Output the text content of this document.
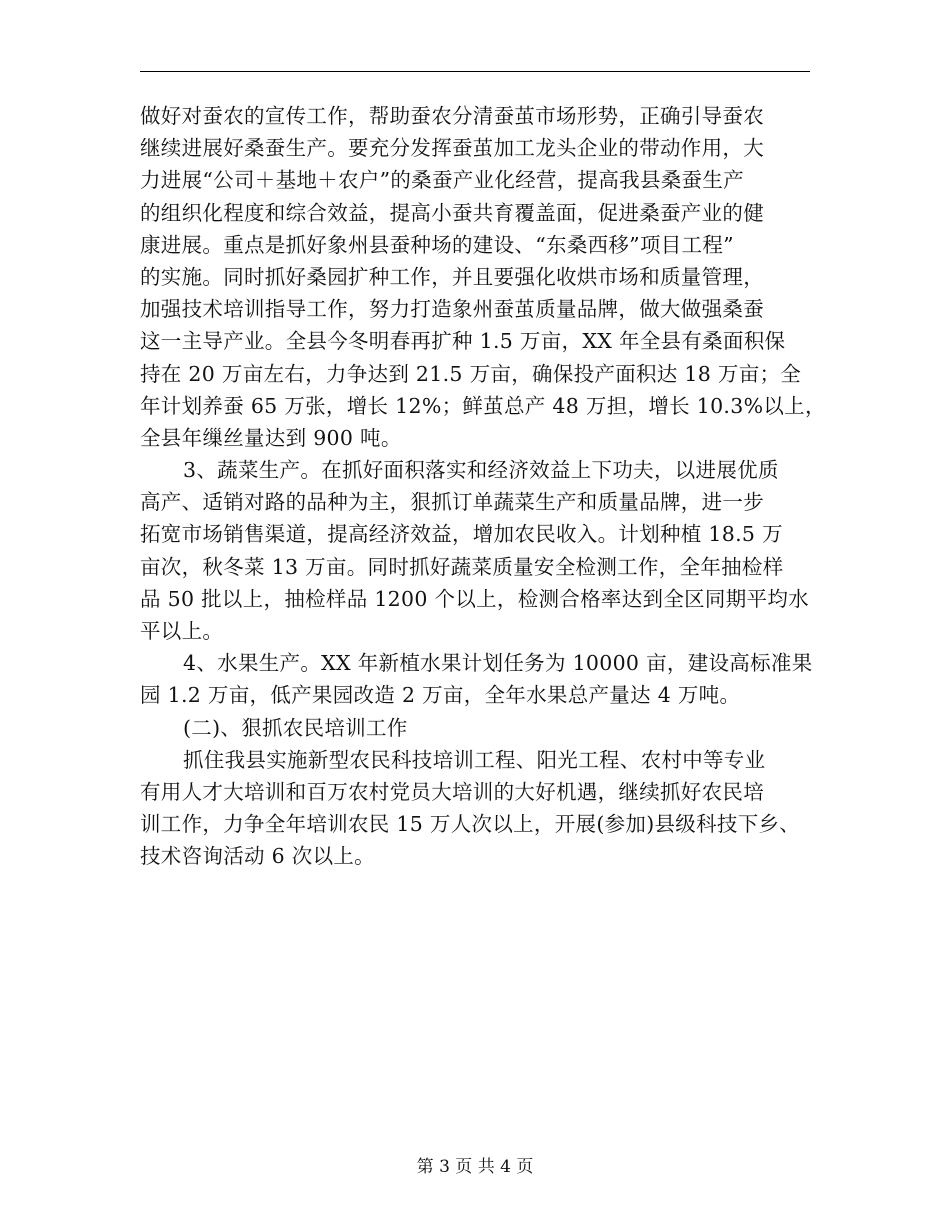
做好对蚕农的宣传工作，帮助蚕农分清蚕茧市场形势，正确引导蚕农
继续进展好桑蚕生产。要充分发挥蚕茧加工龙头企业的带动作用，大
力进展“公司＋基地＋农户”的桑蚕产业化经营，提高我县桑蚕生产
的组织化程度和综合效益，提高小蚕共育覆盖面，促进桑蚕产业的健
康进展。重点是抓好象州县蚕种场的建设、“东桑西移”项目工程”
的实施。同时抓好桑园扩种工作，并且要强化收烘市场和质量管理，
加强技术培训指导工作，努力打造象州蚕茧质量品牌，做大做强桑蚕
这一主导产业。全县今冬明春再扩种 1.5 万亩，XX 年全县有桑面积保
持在 20 万亩左右，力争达到 21.5 万亩，确保投产面积达 18 万亩；全
年计划养蚕 65 万张，增长 12%；鲜茧总产 48 万担，增长 10.3%以上，
全县年缫丝量达到 900 吨。
3、蔬菜生产。在抓好面积落实和经济效益上下功夫，以进展优质
高产、适销对路的品种为主，狠抓订单蔬菜生产和质量品牌，进一步
拓宽市场销售渠道，提高经济效益，增加农民收入。计划种植 18.5 万
亩次，秋冬菜 13 万亩。同时抓好蔬菜质量安全检测工作，全年抽检样
品 50 批以上，抽检样品 1200 个以上，检测合格率达到全区同期平均水
平以上。
4、水果生产。XX 年新植水果计划任务为 10000 亩，建设高标准果
园 1.2 万亩，低产果园改造 2 万亩，全年水果总产量达 4 万吨。
(二)、狠抓农民培训工作
抓住我县实施新型农民科技培训工程、阳光工程、农村中等专业
有用人才大培训和百万农村党员大培训的大好机遇，继续抓好农民培
训工作，力争全年培训农民 15 万人次以上，开展(参加)县级科技下乡、
技术咨询活动 6 次以上。
第 3 页 共 4 页
